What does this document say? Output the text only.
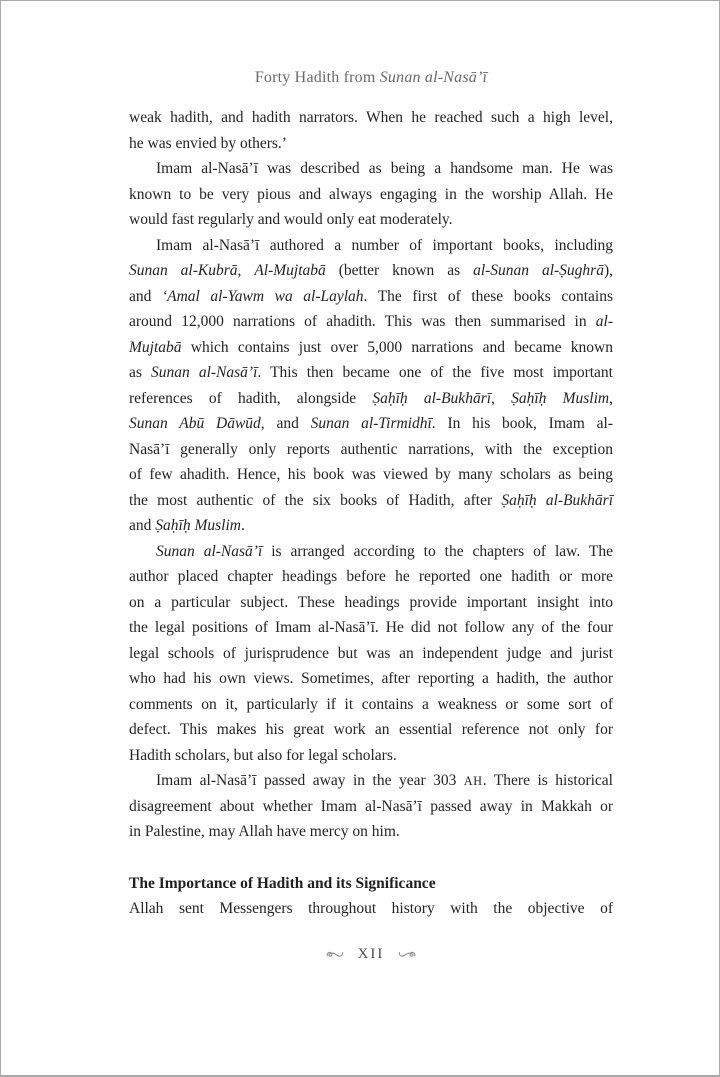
Forty Hadith from Sunan al-Nasā’ī

weak hadith, and hadith narrators. When he reached such a high level,
he was envied by others.’

Imam al-Nasā’ī was described as being a handsome man. He was
known to be very pious and always engaging in the worship Allah. He
would fast regularly and would only eat moderately.

Imam al-Nasā’ī authored a number of important books, including
Sunan al-Kubrā, Al-Mujtabā (better known as al-Sunan al-Ṣughrā),
and ‘Amal al-Yawm wa al-Laylah. The first of these books contains
around 12,000 narrations of ahadith. This was then summarised in al-
Mujtabā which contains just over 5,000 narrations and became known
as Sunan al-Nasā’ī. This then became one of the five most important
references of hadith, alongside Ṣaḥīḥ al-Bukhārī, Ṣaḥīḥ Muslim,
Sunan Abū Dāwūd, and Sunan al-Tirmidhī. In his book, Imam al-
Nasā’ī generally only reports authentic narrations, with the exception
of few ahadith. Hence, his book was viewed by many scholars as being
the most authentic of the six books of Hadith, after Ṣaḥīḥ al-Bukhārī
and Ṣaḥīḥ Muslim.

Sunan al-Nasā’ī is arranged according to the chapters of law. The
author placed chapter headings before he reported one hadith or more
on a particular subject. These headings provide important insight into
the legal positions of Imam al-Nasā’ī. He did not follow any of the four
legal schools of jurisprudence but was an independent judge and jurist
who had his own views. Sometimes, after reporting a hadith, the author
comments on it, particularly if it contains a weakness or some sort of
defect. This makes his great work an essential reference not only for
Hadith scholars, but also for legal scholars.

Imam al-Nasā’ī passed away in the year 303 AH. There is historical
disagreement about whether Imam al-Nasā’ī passed away in Makkah or
in Palestine, may Allah have mercy on him.

The Importance of Hadith and its Significance

Allah sent Messengers throughout history with the objective of

XII
